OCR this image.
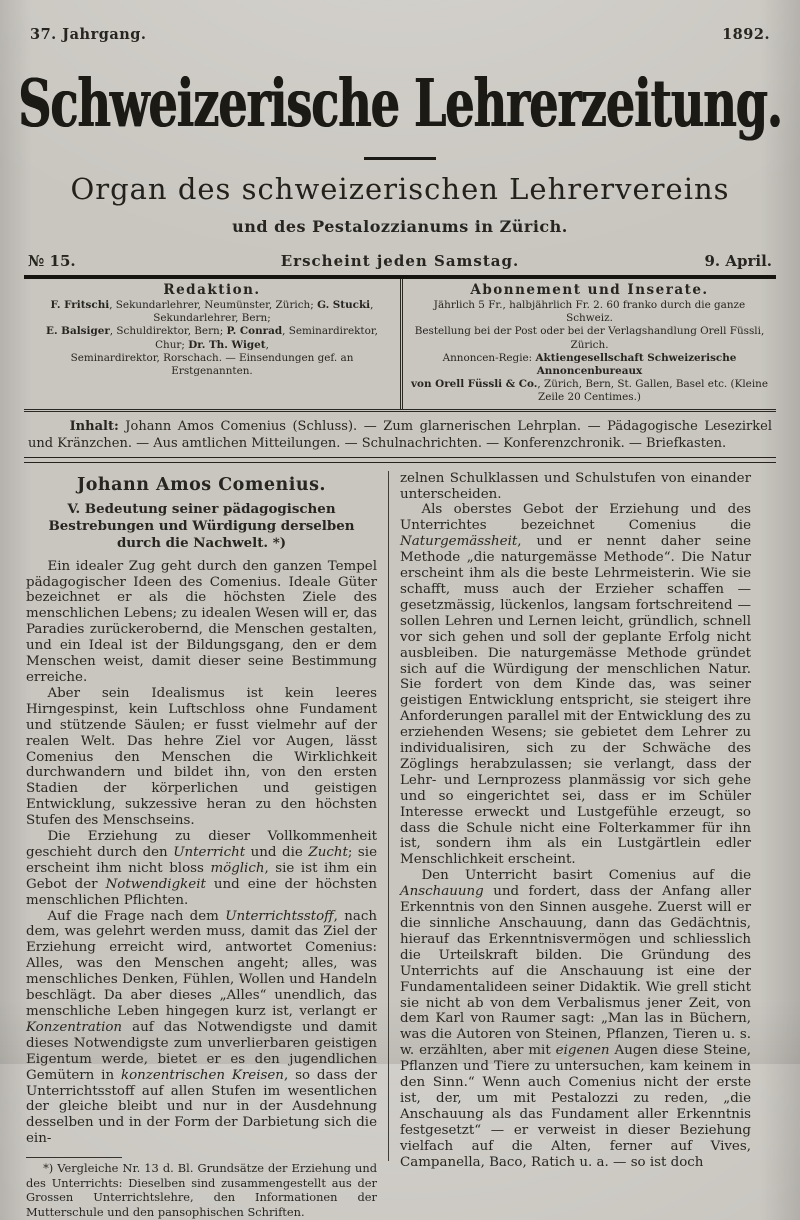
37. Jahrgang.	1892.
Schweizerische Lehrerzeitung.
Organ des schweizerischen Lehrervereins
und des Pestalozzianums in Zürich.
№ 15.	Erscheint jeden Samstag.	9. April.
Redaktion.
F. Fritschi, Sekundarlehrer, Neumünster, Zürich; G. Stucki, Sekundarlehrer, Bern;
E. Balsiger, Schuldirektor, Bern; P. Conrad, Seminardirektor, Chur; Dr. Th. Wiget,
Seminardirektor, Rorschach. — Einsendungen gef. an Erstgenannten.
Abonnement und Inserate.
Jährlich 5 Fr., halbjährlich Fr. 2. 60 franko durch die ganze Schweiz.
Bestellung bei der Post oder bei der Verlagshandlung Orell Füssli, Zürich.
Annoncen-Regie: Aktiengesellschaft Schweizerische Annoncenbureaux
von Orell Füssli & Co., Zürich, Bern, St. Gallen, Basel etc. (Kleine Zeile 20 Centimes.)
Inhalt: Johann Amos Comenius (Schluss). — Zum glarnerischen Lehrplan. — Pädagogische Lesezirkel und Kränzchen. — Aus amtlichen Mitteilungen. — Schulnachrichten. — Konferenzchronik. — Briefkasten.
Johann Amos Comenius.
V. Bedeutung seiner pädagogischen Bestrebungen und Würdigung derselben durch die Nachwelt. *)

Ein idealer Zug geht durch den ganzen Tempel pädagogischer Ideen des Comenius. Ideale Güter bezeichnet er als die höchsten Ziele des menschlichen Lebens; zu idealen Wesen will er, das Paradies zurückerobernd, die Menschen gestalten, und ein Ideal ist der Bildungsgang, den er dem Menschen weist, damit dieser seine Bestimmung erreiche.

Aber sein Idealismus ist kein leeres Hirngespinst, kein Luftschloss ohne Fundament und stützende Säulen; er fusst vielmehr auf der realen Welt. Das hehre Ziel vor Augen, lässt Comenius den Menschen die Wirklichkeit durchwandern und bildet ihn, von den ersten Stadien der körperlichen und geistigen Entwicklung, sukzessive heran zu den höchsten Stufen des Menschseins.

Die Erziehung zu dieser Vollkommenheit geschieht durch den Unterricht und die Zucht; sie erscheint ihm nicht bloss möglich, sie ist ihm ein Gebot der Notwendigkeit und eine der höchsten menschlichen Pflichten.

Auf die Frage nach dem Unterrichtsstoff, nach dem, was gelehrt werden muss, damit das Ziel der Erziehung erreicht wird, antwortet Comenius: Alles, was den Menschen angeht; alles, was menschliches Denken, Fühlen, Wollen und Handeln beschlägt. Da aber dieses „Alles“ unendlich, das menschliche Leben hingegen kurz ist, verlangt er Konzentration auf das Notwendigste und damit dieses Notwendigste zum unverlierbaren geistigen Eigentum werde, bietet er es den jugendlichen Gemütern in konzentrischen Kreisen, so dass der Unterrichtsstoff auf allen Stufen im wesentlichen der gleiche bleibt und nur in der Ausdehnung desselben und in der Form der Darbietung sich die ein-

*) Vergleiche Nr. 13 d. Bl. Grundsätze der Erziehung und des Unterrichts: Dieselben sind zusammengestellt aus der Grossen Unterrichtslehre, den Informationen der Mutterschule und den pansophischen Schriften.

zelnen Schulklassen und Schulstufen von einander unterscheiden.

Als oberstes Gebot der Erziehung und des Unterrichtes bezeichnet Comenius die Naturgemässheit, und er nennt daher seine Methode „die naturgemässe Methode“. Die Natur erscheint ihm als die beste Lehrmeisterin. Wie sie schafft, muss auch der Erzieher schaffen — gesetzmässig, lückenlos, langsam fortschreitend — sollen Lehren und Lernen leicht, gründlich, schnell vor sich gehen und soll der geplante Erfolg nicht ausbleiben. Die naturgemässe Methode gründet sich auf die Würdigung der menschlichen Natur. Sie fordert von dem Kinde das, was seiner geistigen Entwicklung entspricht, sie steigert ihre Anforderungen parallel mit der Entwicklung des zu erziehenden Wesens; sie gebietet dem Lehrer zu individualisiren, sich zu der Schwäche des Zöglings herabzulassen; sie verlangt, dass der Lehr- und Lernprozess planmässig vor sich gehe und so eingerichtet sei, dass er im Schüler Interesse erweckt und Lustgefühle erzeugt, so dass die Schule nicht eine Folterkammer für ihn ist, sondern ihm als ein Lustgärtlein edler Menschlichkeit erscheint.

Den Unterricht basirt Comenius auf die Anschauung und fordert, dass der Anfang aller Erkenntnis von den Sinnen ausgehe. Zuerst will er die sinnliche Anschauung, dann das Gedächtnis, hierauf das Erkenntnisvermögen und schliesslich die Urteilskraft bilden. Die Gründung des Unterrichts auf die Anschauung ist eine der Fundamentalideen seiner Didaktik. Wie grell sticht sie nicht ab von dem Verbalismus jener Zeit, von dem Karl von Raumer sagt: „Man las in Büchern, was die Autoren von Steinen, Pflanzen, Tieren u. s. w. erzählten, aber mit eigenen Augen diese Steine, Pflanzen und Tiere zu untersuchen, kam keinem in den Sinn.“ Wenn auch Comenius nicht der erste ist, der, um mit Pestalozzi zu reden, „die Anschauung als das Fundament aller Erkenntnis festgesetzt“ — er verweist in dieser Beziehung vielfach auf die Alten, ferner auf Vives, Campanella, Baco, Ratich u. a. — so ist doch
